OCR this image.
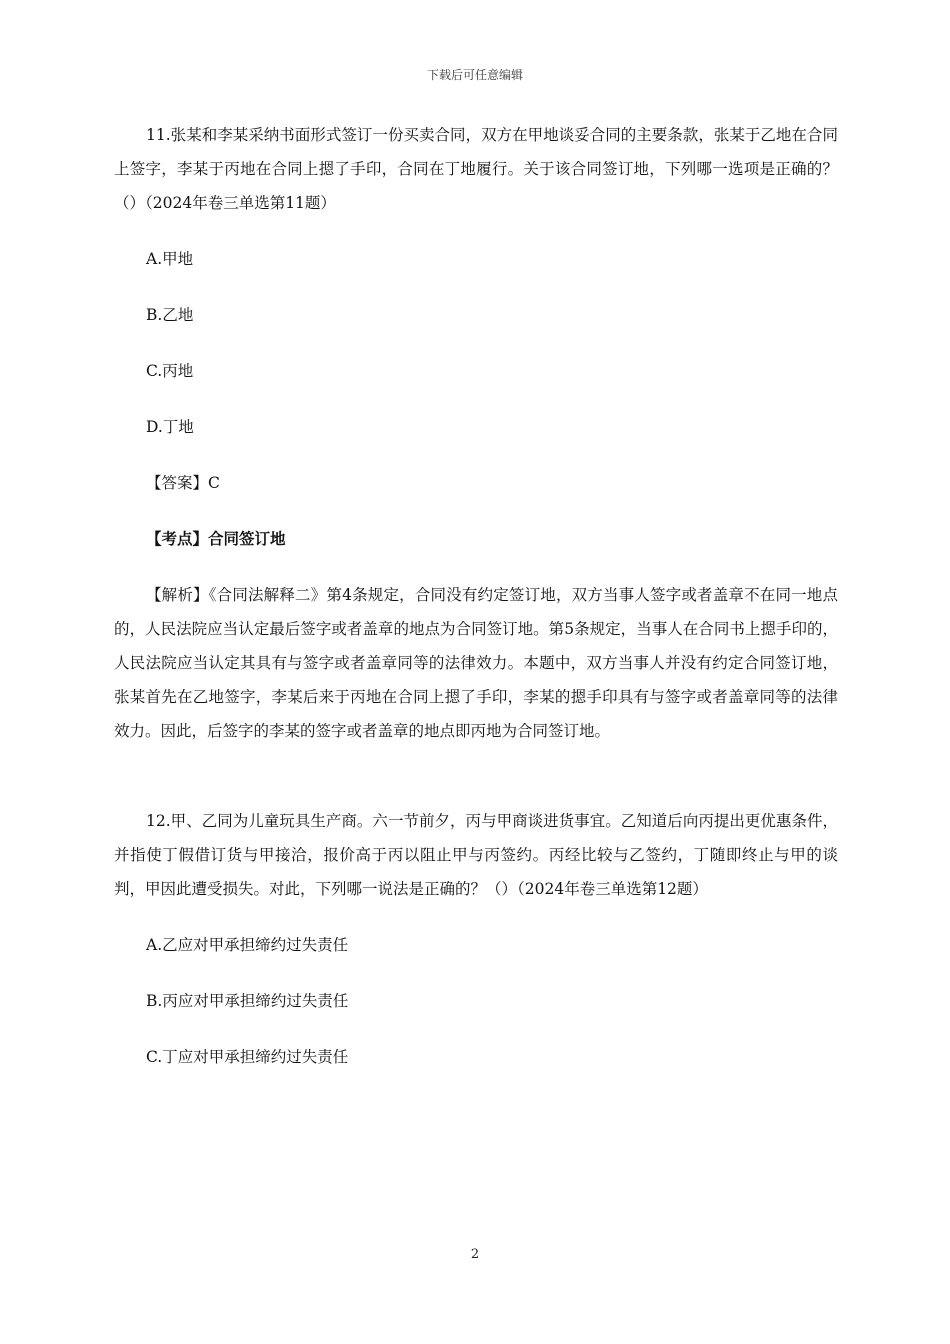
下载后可任意编辑

11.张某和李某采纳书面形式签订一份买卖合同，双方在甲地谈妥合同的主要条款，张某于乙地在合同上签字，李某于丙地在合同上摁了手印，合同在丁地履行。关于该合同签订地，下列哪一选项是正确的？（）（2024年卷三单选第11题）

A.甲地

B.乙地

C.丙地

D.丁地

【答案】C

【考点】合同签订地

【解析】《合同法解释二》第4条规定，合同没有约定签订地，双方当事人签字或者盖章不在同一地点的，人民法院应当认定最后签字或者盖章的地点为合同签订地。第5条规定，当事人在合同书上摁手印的，人民法院应当认定其具有与签字或者盖章同等的法律效力。本题中，双方当事人并没有约定合同签订地，张某首先在乙地签字，李某后来于丙地在合同上摁了手印，李某的摁手印具有与签字或者盖章同等的法律效力。因此，后签字的李某的签字或者盖章的地点即丙地为合同签订地。

12.甲、乙同为儿童玩具生产商。六一节前夕，丙与甲商谈进货事宜。乙知道后向丙提出更优惠条件，并指使丁假借订货与甲接洽，报价高于丙以阻止甲与丙签约。丙经比较与乙签约，丁随即终止与甲的谈判，甲因此遭受损失。对此，下列哪一说法是正确的？（）（2024年卷三单选第12题）

A.乙应对甲承担缔约过失责任

B.丙应对甲承担缔约过失责任

C.丁应对甲承担缔约过失责任

2
